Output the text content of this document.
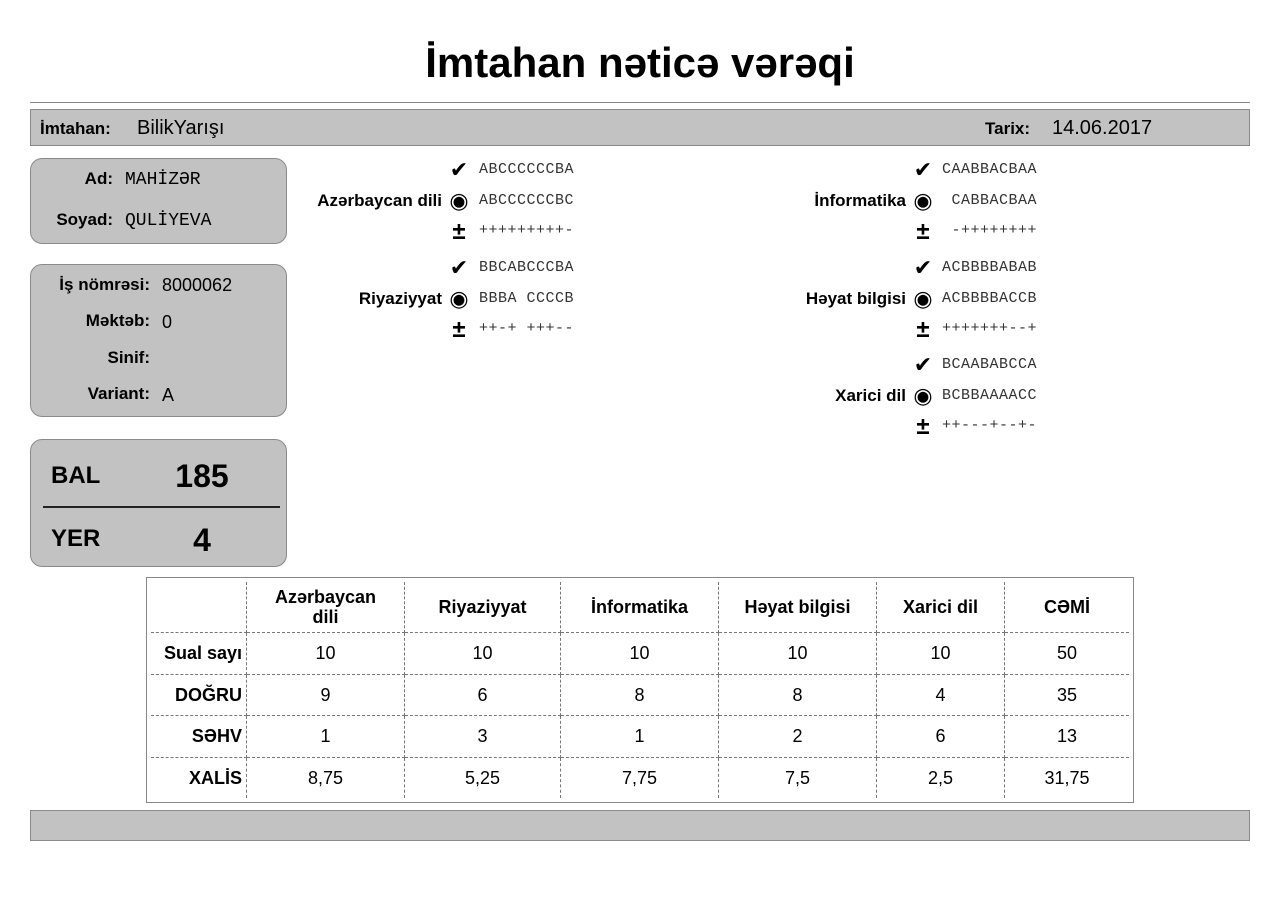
İmtahan nəticə vərəqi
İmtahan: BilikYarışı	Tarix: 14.06.2017
Ad: MAHİZƏR
Soyad: QULİYEVA
İş nömrəsi: 8000062
Məktəb: 0
Sinif:
Variant: A
BAL	185
YER	4
✔ ABCCCCCCBA
Azərbaycan dili ◉ ABCCCCCCBC
± +++++++++-
✔ BBCABCCCBA
Riyaziyyat ◉ BBBA CCCCB
± ++-+ +++--
✔ CAABBACBAA
İnformatika ◉ CABBACBAA
± -++++++++
✔ ACBBBBABAB
Həyat bilgisi ◉ ACBBBBACCB
± +++++++--+
✔ BCAABABCCA
Xarici dil ◉ BCBBAAAACC
± ++---+--+-
	Azərbaycan dili	Riyaziyyat	İnformatika	Həyat bilgisi	Xarici dil	CƏMİ
Sual sayı	10	10	10	10	10	50
DOĞRU	9	6	8	8	4	35
SƏHV	1	3	1	2	6	13
XALİS	8,75	5,25	7,75	7,5	2,5	31,75
